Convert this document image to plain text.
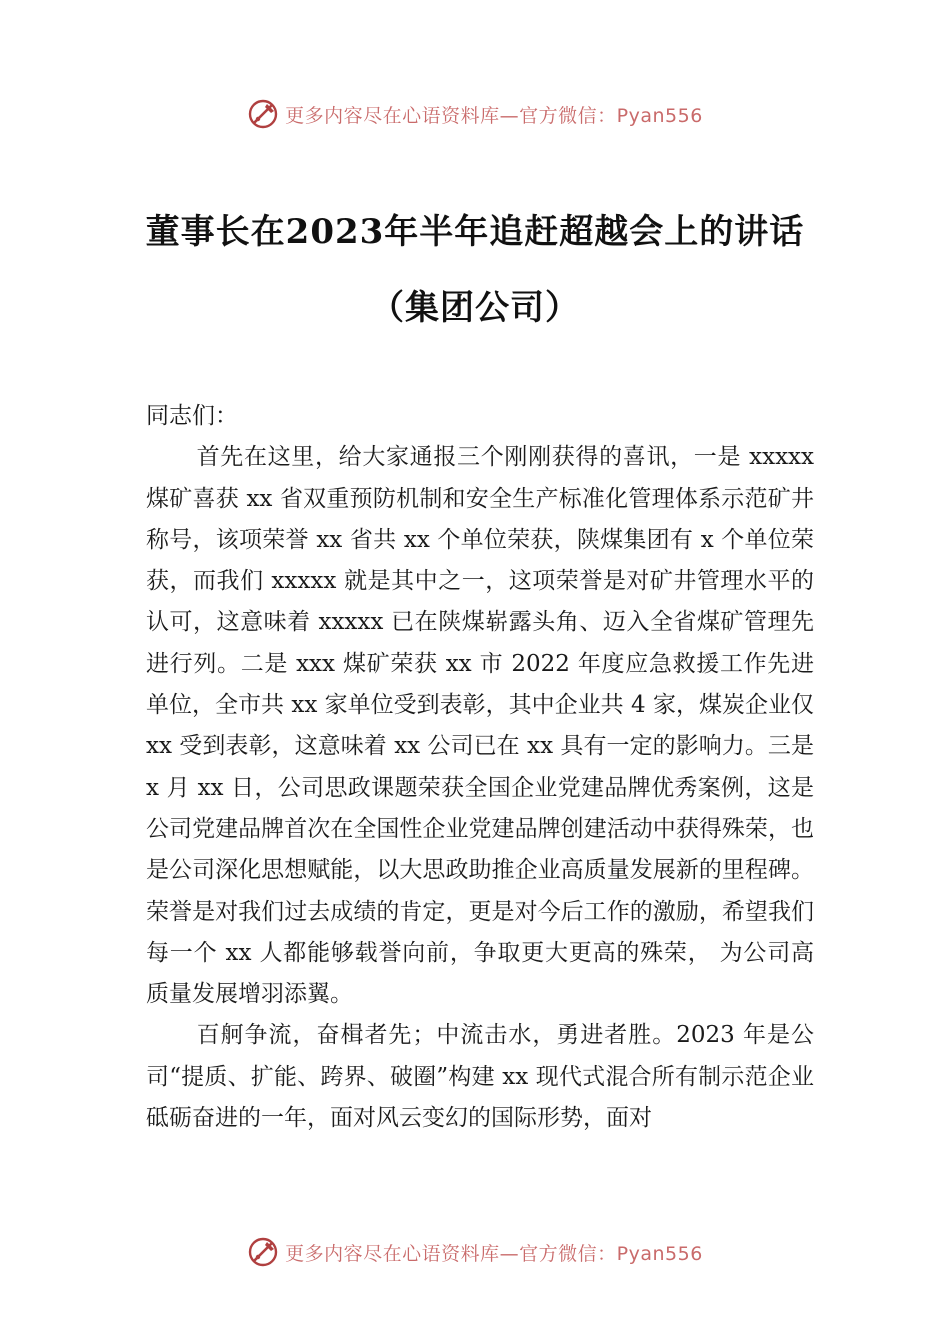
更多内容尽在心语资料库—官方微信：Pyan556
董事长在2023年半年追赶超越会上的讲话
（集团公司）

同志们：

首先在这里，给大家通报三个刚刚获得的喜讯，一是 xxxxx 煤矿喜获 xx 省双重预防机制和安全生产标准化管理体系示范矿井称号，该项荣誉 xx 省共 xx 个单位荣获，陕煤集团有 x 个单位荣获，而我们 xxxxx 就是其中之一，这项荣誉是对矿井管理水平的认可，这意味着 xxxxx 已在陕煤崭露头角、迈入全省煤矿管理先进行列。二是 xxx 煤矿荣获 xx 市 2022 年度应急救援工作先进单位，全市共 xx 家单位受到表彰，其中企业共 4 家，煤炭企业仅 xx 受到表彰，这意味着 xx 公司已在 xx 具有一定的影响力。三是 x 月 xx 日，公司思政课题荣获全国企业党建品牌优秀案例，这是公司党建品牌首次在全国性企业党建品牌创建活动中获得殊荣，也是公司深化思想赋能，以大思政助推企业高质量发展新的里程碑。 荣誉是对我们过去成绩的肯定，更是对今后工作的激励，希望我们每一个 xx 人都能够载誉向前，争取更大更高的殊荣， 为公司高质量发展增羽添翼。

百舸争流，奋楫者先；中流击水，勇进者胜。2023 年是公司“提质、扩能、跨界、破圈”构建 xx 现代式混合所有制示范企业砥砺奋进的一年，面对风云变幻的国际形势，面对

更多内容尽在心语资料库—官方微信：Pyan556
